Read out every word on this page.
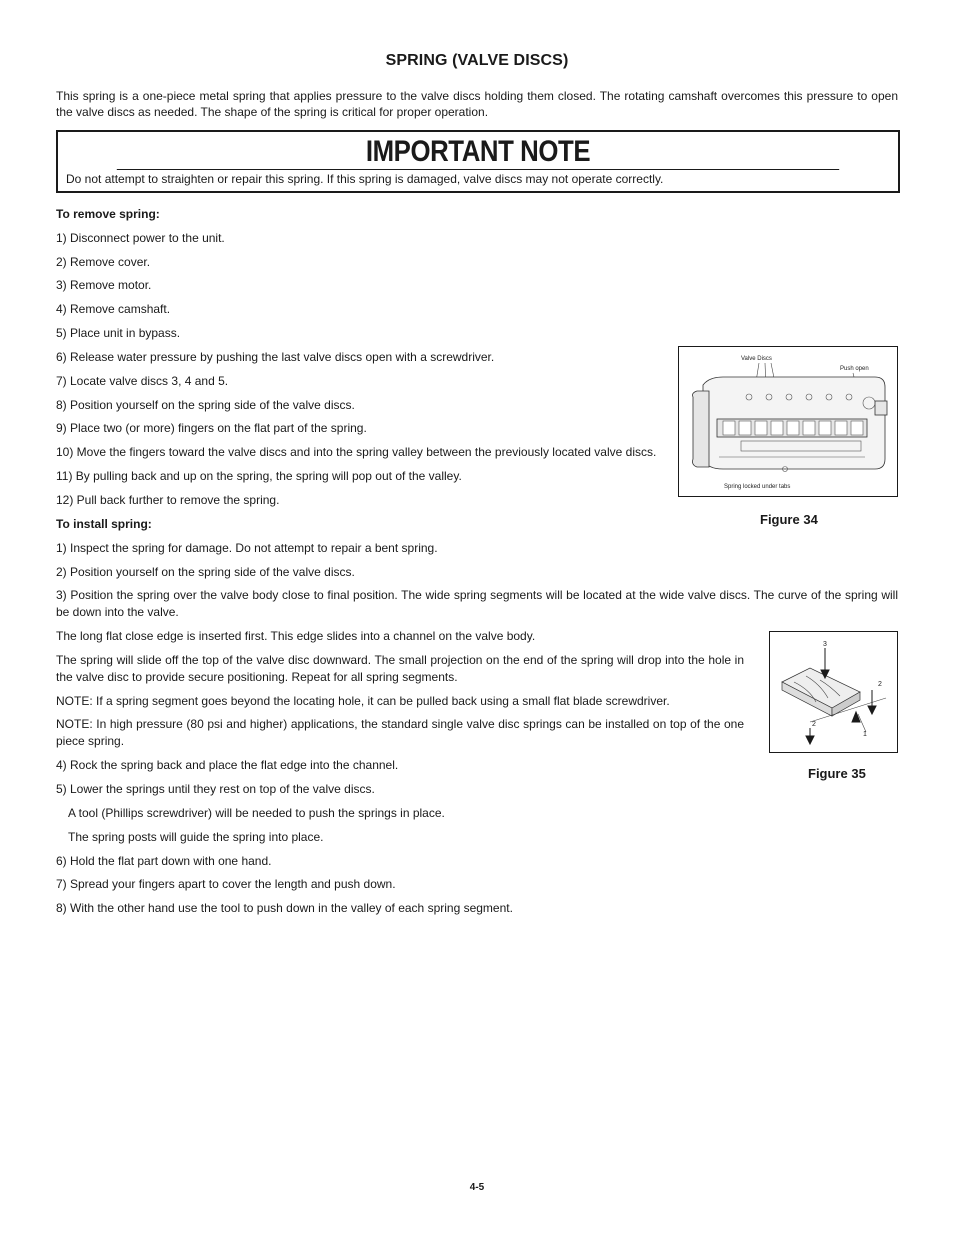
SPRING (VALVE DISCS)
This spring is a one-piece metal spring that applies pressure to the valve discs holding them closed. The rotating camshaft overcomes this pressure to open the valve discs as needed. The shape of the spring is critical for proper operation.
IMPORTANT NOTE
Do not attempt to straighten or repair this spring. If this spring is damaged, valve discs may not operate correctly.
To remove spring:
1) Disconnect power to the unit.
2) Remove cover.
3) Remove motor.
4) Remove camshaft.
5) Place unit in bypass.
6) Release water pressure by pushing the last valve discs open with a screwdriver.
7) Locate valve discs 3, 4 and 5.
8) Position yourself on the spring side of the valve discs.
9) Place two (or more) fingers on the flat part of the spring.
10) Move the fingers toward the valve discs and into the spring valley between the previously located valve discs.
11) By pulling back and up on the spring, the spring will pop out of the valley.
12) Pull back further to remove the spring.
To install spring:
1) Inspect the spring for damage. Do not attempt to repair a bent spring.
2) Position yourself on the spring side of the valve discs.
3) Position the spring over the valve body close to final position. The wide spring segments will be located at the wide valve discs. The curve of the spring will be down into the valve.
The long flat close edge is inserted first. This edge slides into a channel on the valve body.
The spring will slide off the top of the valve disc downward. The small projection on the end of the spring will drop into the hole in the valve disc to provide secure positioning. Repeat for all spring segments.
NOTE: If a spring segment goes beyond the locating hole, it can be pulled back using a small flat blade screwdriver.
NOTE: In high pressure (80 psi and higher) applications, the standard single valve disc springs can be installed on top of the one piece spring.
4) Rock the spring back and place the flat edge into the channel.
5) Lower the springs until they rest on top of the valve discs.
A tool (Phillips screwdriver) will be needed to push the springs in place.
The spring posts will guide the spring into place.
6) Hold the flat part down with one hand.
7) Spread your fingers apart to cover the length and push down.
8) With the other hand use the tool to push down in the valley of each spring segment.
Valve Discs
Push open
Spring locked under tabs
Figure 34
3
2
2
1
Figure 35
4-5
